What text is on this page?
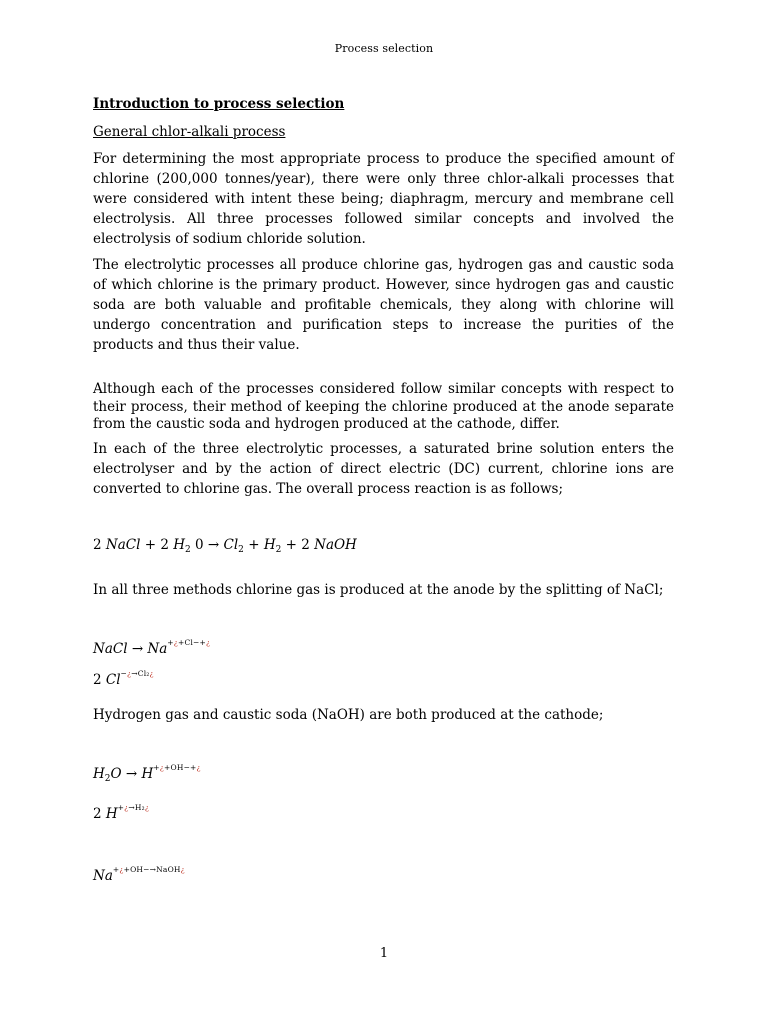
Process selection
Introduction to process selection
General chlor-alkali process

For determining the most appropriate process to produce the specified amount of chlorine (200,000 tonnes/year), there were only three chlor-alkali processes that were considered with intent these being; diaphragm, mercury and membrane cell electrolysis. All three processes followed similar concepts and involved the electrolysis of sodium chloride solution.

The electrolytic processes all produce chlorine gas, hydrogen gas and caustic soda of which chlorine is the primary product. However, since hydrogen gas and caustic soda are both valuable and profitable chemicals, they along with chlorine will undergo concentration and purification steps to increase the purities of the products and thus their value.

Although each of the processes considered follow similar concepts with respect to their process, their method of keeping the chlorine produced at the anode separate from the caustic soda and hydrogen produced at the cathode, differ.

In each of the three electrolytic processes, a saturated brine solution enters the electrolyser and by the action of direct electric (DC) current, chlorine ions are converted to chlorine gas. The overall process reaction is as follows;

2 NaCl + 2 $H_2$ $0 \to Cl_2 + H_2 + 2$ NaOH
In all three methods chlorine gas is produced at the anode by the splitting of NaCl;
NaCl → $Na^{+¿+Cl-+¿}$
2 $Cl^{-¿\to Cl_2¿}$
Hydrogen gas and caustic soda (NaOH) are both produced at the cathode;
$H_2O \to H^{+¿+OH-+¿}$
2 $H^{+¿\to H_2¿}$
$Na^{+¿+OH-\to NaOH¿}$
1
